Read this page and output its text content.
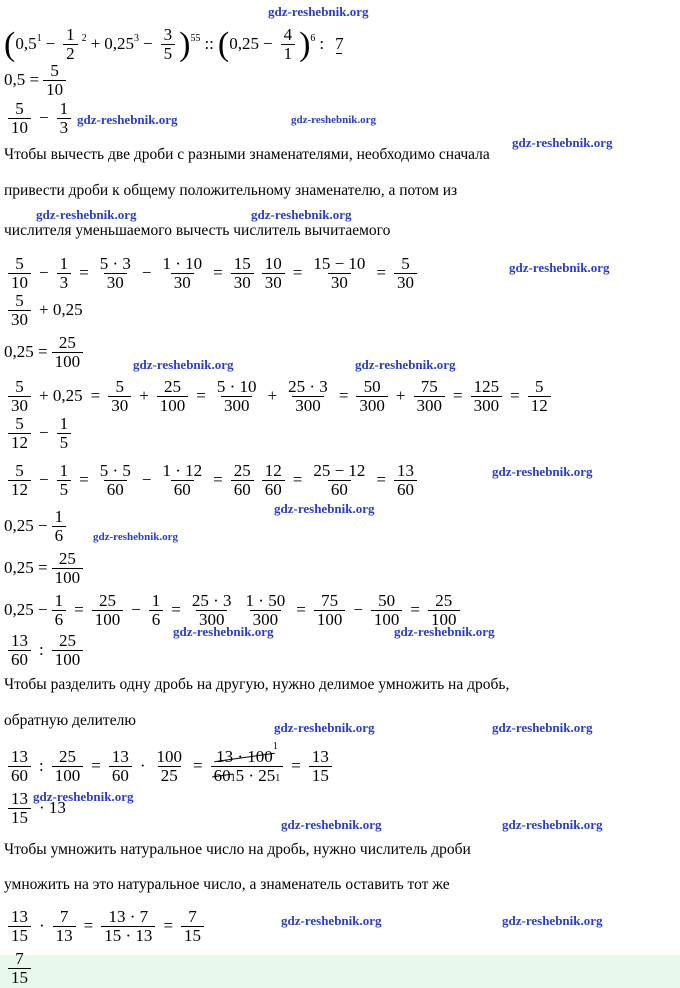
gdz-reshebnik.org
gdz-reshebnik.org	gdz-reshebnik.org
gdz-reshebnik.org
gdz-reshebnik.org	gdz-reshebnik.org
gdz-reshebnik.org
gdz-reshebnik.org	gdz-reshebnik.org
gdz-reshebnik.org
gdz-reshebnik.org
gdz-reshebnik.org
gdz-reshebnik.org	gdz-reshebnik.org
gdz-reshebnik.org	gdz-reshebnik.org
gdz-reshebnik.org
gdz-reshebnik.org	gdz-reshebnik.org
gdz-reshebnik.org	gdz-reshebnik.org
( 0,5 $1 - \frac{1}{2} 2 + 0,25$ $3 - \frac{3}{5}$ ) 55 :: ( $0,25 - \frac{4}{1}$ ) 6 : 7
$0,5 = \frac{5}{10}$
$\frac{5}{10} - \frac{1}{3}$
Чтобы вычесть две дроби с разными знаменателями, необходимо сначала
привести дроби к общему положительному знаменателю, а потом из
числителя уменьшаемого вычесть числитель вычитаемого
$\frac{5}{10} - \frac{1}{3} = \frac{5 \cdot 3}{30} - \frac{1 \cdot 10}{30} = \frac{15}{30} \frac{10}{30} = \frac{15 - 10}{30} = \frac{5}{30}$
$\frac{5}{30} + 0,25$
$0,25 = \frac{25}{100}$
$\frac{5}{30} + 0,25 = \frac{5}{30} + \frac{25}{100} = \frac{5 \cdot 10}{300} + \frac{25 \cdot 3}{300} = \frac{50}{300} + \frac{75}{300} = \frac{125}{300} = \frac{5}{12}$
$\frac{5}{12} - \frac{1}{5}$
$\frac{5}{12} - \frac{1}{5} = \frac{5 \cdot 5}{60} - \frac{1 \cdot 12}{60} = \frac{25}{60} \frac{12}{60} = \frac{25 - 12}{60} = \frac{13}{60}$
$0,25 - \frac{1}{6}$
$0,25 = \frac{25}{100}$
$0,25 - \frac{1}{6} = \frac{25}{100} - \frac{1}{6} = \frac{25 \cdot 3}{300} \frac{1 \cdot 50}{300} = \frac{75}{100} - \frac{50}{100} = \frac{25}{100}$
$\frac{13}{60}$ : $\frac{25}{100}$
Чтобы разделить одну дробь на другую, нужно делимое умножить на дробь,
обратную делителю
$\frac{13}{60}$ : $\frac{25}{100} = \frac{13}{60} \cdot \frac{100}{25} = \frac{13 \cdot 100^1}{6015 \cdot 251} = \frac{13}{15}$
$\frac{13}{15} \cdot 13$
Чтобы умножить натуральное число на дробь, нужно числитель дроби
умножить на это натуральное число, а знаменатель оставить тот же
$\frac{13}{15} \cdot \frac{7}{13} = \frac{13 \cdot 7}{15 \cdot 13} = \frac{7}{15}$
$\frac{7}{15}$
